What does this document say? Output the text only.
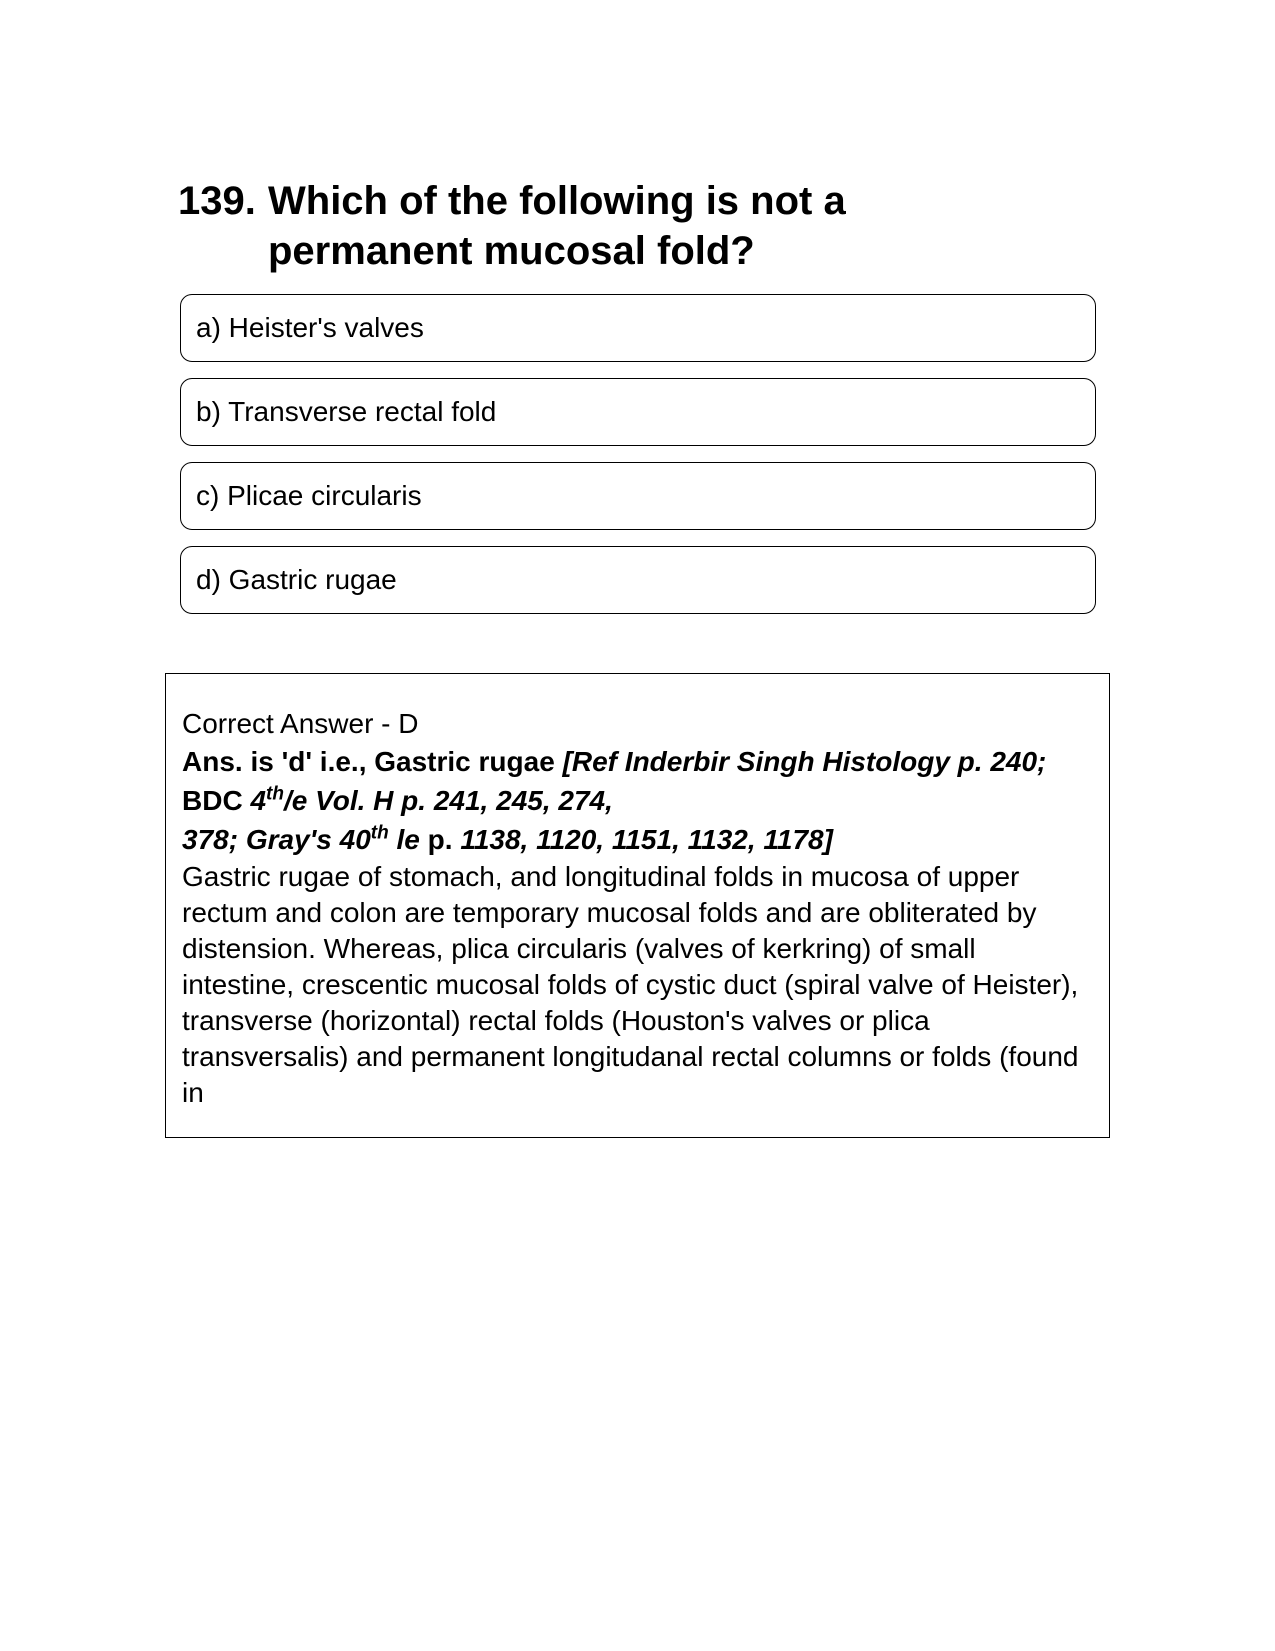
139. Which of the following is not a permanent mucosal fold?
a) Heister's valves
b) Transverse rectal fold
c) Plicae circularis
d) Gastric rugae
Correct Answer - D
Ans. is 'd' i.e., Gastric rugae [Ref Inderbir Singh Histology p. 240; BDC 4th/e Vol. H p. 241, 245, 274,
378; Gray's 40th le p. 1138, 1120, 1151, 1132, 1178]
Gastric rugae of stomach, and longitudinal folds in mucosa of upper rectum and colon are temporary mucosal folds and are obliterated by distension. Whereas, plica circularis (valves of kerkring) of small intestine, crescentic mucosal folds of cystic duct (spiral valve of Heister), transverse (horizontal) rectal folds (Houston's valves or plica transversalis) and permanent longitudanal rectal columns or folds (found in
